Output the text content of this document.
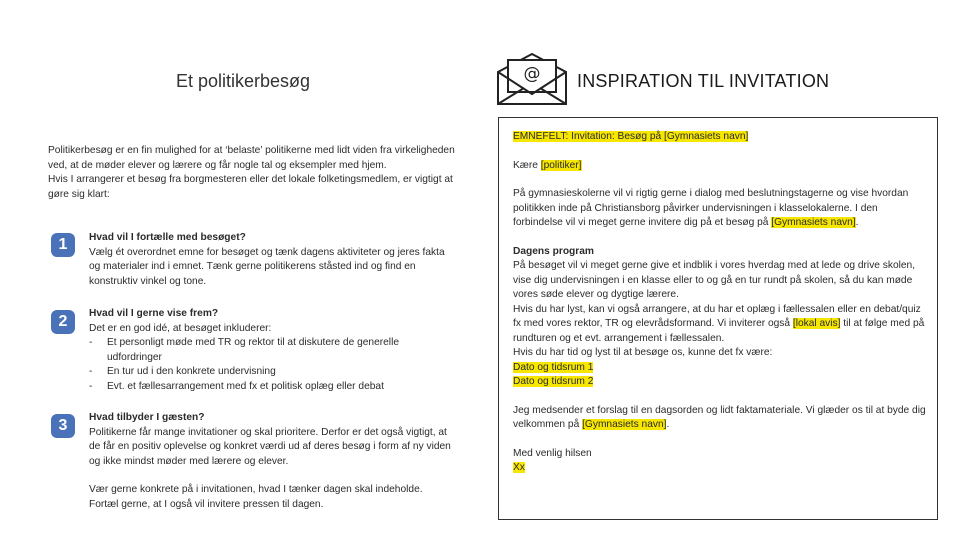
Et politikerbesøg
Politikerbesøg er en fin mulighed for at ‘belaste’ politikerne med lidt viden fra virkeligheden ved, at de møder elever og lærere og får nogle tal og eksempler med hjem.
Hvis I arrangerer et besøg fra borgmesteren eller det lokale folketingsmedlem, er vigtigt at gøre sig klart:
1	Hvad vil I fortælle med besøget?
Vælg ét overordnet emne for besøget og tænk dagens aktiviteter og jeres fakta og materialer ind i emnet. Tænk gerne politikerens ståsted ind og find en konstruktiv vinkel og tone.
2	Hvad vil I gerne vise frem?
Det er en god idé, at besøget inkluderer:
-	Et personligt møde med TR og rektor til at diskutere de generelle udfordringer
-	En tur ud i den konkrete undervisning
-	Evt. et fællesarrangement med fx et politisk oplæg eller debat
3	Hvad tilbyder I gæsten?
Politikerne får mange invitationer og skal prioritere. Derfor er det også vigtigt, at de får en positiv oplevelse og konkret værdi ud af deres besøg i form af ny viden og ikke mindst møder med lærere og elever.
Vær gerne konkrete på i invitationen, hvad I tænker dagen skal indeholde. Fortæl gerne, at I også vil invitere pressen til dagen.
@ INSPIRATION TIL INVITATION
EMNEFELT: Invitation: Besøg på [Gymnasiets navn]
Kære [politiker]
På gymnasieskolerne vil vi rigtig gerne i dialog med beslutningstagerne og vise hvordan politikken inde på Christiansborg påvirker undervisningen i klasselokalerne. I den forbindelse vil vi meget gerne invitere dig på et besøg på [Gymnasiets navn].
Dagens program
På besøget vil vi meget gerne give et indblik i vores hverdag med at lede og drive skolen, vise dig undervisningen i en klasse eller to og gå en tur rundt på skolen, så du kan møde vores søde elever og dygtige lærere.
Hvis du har lyst, kan vi også arrangere, at du har et oplæg i fællessalen eller en debat/quiz fx med vores rektor, TR og elevrådsformand. Vi inviterer også [lokal avis] til at følge med på rundturen og et evt. arrangement i fællessalen.
Hvis du har tid og lyst til at besøge os, kunne det fx være:
Dato og tidsrum 1
Dato og tidsrum 2
Jeg medsender et forslag til en dagsorden og lidt faktamateriale. Vi glæder os til at byde dig velkommen på [Gymnasiets navn].
Med venlig hilsen
Xx
